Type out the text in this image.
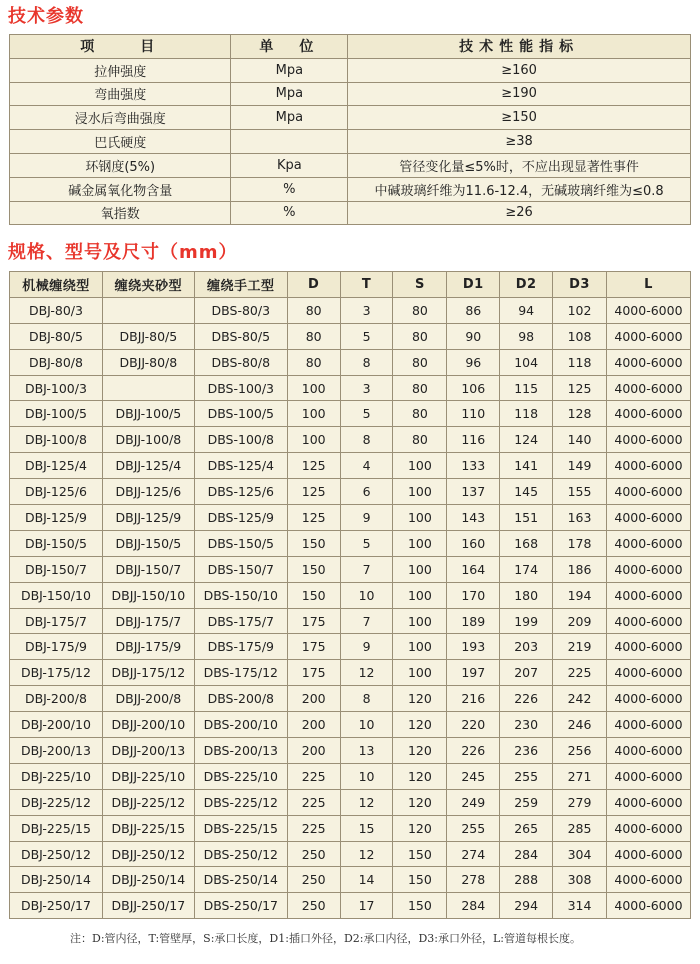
技术参数
项　　目	单　位	技术性能指标
拉伸强度	Mpa	≥160
弯曲强度	Mpa	≥190
浸水后弯曲强度	Mpa	≥150
巴氏硬度		≥38
环钢度(5%)	Kpa	管径变化量≤5%时，不应出现显著性事件
碱金属氧化物含量	%	中碱玻璃纤维为11.6-12.4，无碱玻璃纤维为≤0.8
氧指数	%	≥26
规格、型号及尺寸（mm）
机械缠绕型	缠绕夹砂型	缠绕手工型	D	T	S	D1	D2	D3	L
DBJ-80/3		DBS-80/3	80	3	80	86	94	102	4000-6000
DBJ-80/5	DBJJ-80/5	DBS-80/5	80	5	80	90	98	108	4000-6000
DBJ-80/8	DBJJ-80/8	DBS-80/8	80	8	80	96	104	118	4000-6000
DBJ-100/3		DBS-100/3	100	3	80	106	115	125	4000-6000
DBJ-100/5	DBJJ-100/5	DBS-100/5	100	5	80	110	118	128	4000-6000
DBJ-100/8	DBJJ-100/8	DBS-100/8	100	8	80	116	124	140	4000-6000
DBJ-125/4	DBJJ-125/4	DBS-125/4	125	4	100	133	141	149	4000-6000
DBJ-125/6	DBJJ-125/6	DBS-125/6	125	6	100	137	145	155	4000-6000
DBJ-125/9	DBJJ-125/9	DBS-125/9	125	9	100	143	151	163	4000-6000
DBJ-150/5	DBJJ-150/5	DBS-150/5	150	5	100	160	168	178	4000-6000
DBJ-150/7	DBJJ-150/7	DBS-150/7	150	7	100	164	174	186	4000-6000
DBJ-150/10	DBJJ-150/10	DBS-150/10	150	10	100	170	180	194	4000-6000
DBJ-175/7	DBJJ-175/7	DBS-175/7	175	7	100	189	199	209	4000-6000
DBJ-175/9	DBJJ-175/9	DBS-175/9	175	9	100	193	203	219	4000-6000
DBJ-175/12	DBJJ-175/12	DBS-175/12	175	12	100	197	207	225	4000-6000
DBJ-200/8	DBJJ-200/8	DBS-200/8	200	8	120	216	226	242	4000-6000
DBJ-200/10	DBJJ-200/10	DBS-200/10	200	10	120	220	230	246	4000-6000
DBJ-200/13	DBJJ-200/13	DBS-200/13	200	13	120	226	236	256	4000-6000
DBJ-225/10	DBJJ-225/10	DBS-225/10	225	10	120	245	255	271	4000-6000
DBJ-225/12	DBJJ-225/12	DBS-225/12	225	12	120	249	259	279	4000-6000
DBJ-225/15	DBJJ-225/15	DBS-225/15	225	15	120	255	265	285	4000-6000
DBJ-250/12	DBJJ-250/12	DBS-250/12	250	12	150	274	284	304	4000-6000
DBJ-250/14	DBJJ-250/14	DBS-250/14	250	14	150	278	288	308	4000-6000
DBJ-250/17	DBJJ-250/17	DBS-250/17	250	17	150	284	294	314	4000-6000
注：D:管内径，T:管壁厚，S:承口长度，D1:插口外径，D2:承口内径，D3:承口外径，L:管道每根长度。
